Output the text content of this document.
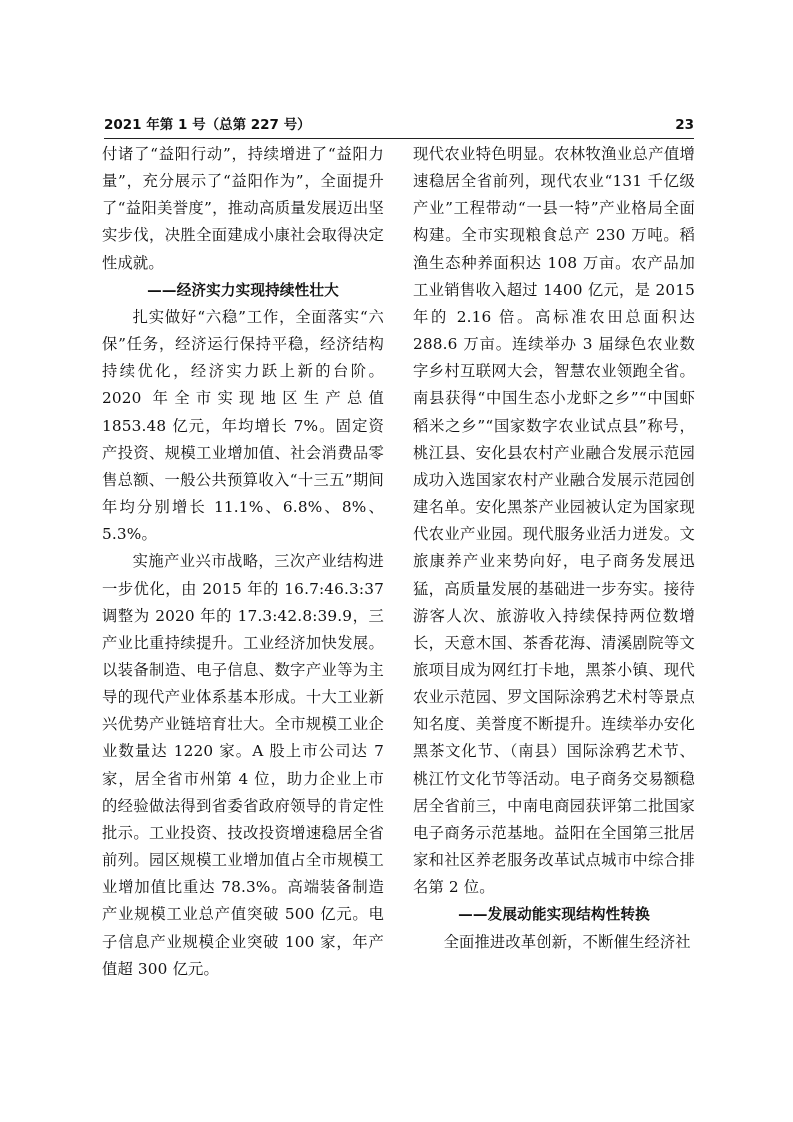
2021 年第 1 号（总第 227 号）	23

付诸了“益阳行动”，持续增进了“益阳力量”，充分展示了“益阳作为”，全面提升了“益阳美誉度”，推动高质量发展迈出坚实步伐，决胜全面建成小康社会取得决定性成就。

——经济实力实现持续性壮大

扎实做好“六稳”工作，全面落实“六保”任务，经济运行保持平稳，经济结构持续优化，经济实力跃上新的台阶。2020 年全市实现地区生产总值 1853.48 亿元，年均增长 7%。固定资产投资、规模工业增加值、社会消费品零售总额、一般公共预算收入“十三五”期间年均分别增长 11.1%、6.8%、8%、5.3%。

实施产业兴市战略，三次产业结构进一步优化，由 2015 年的 16.7:46.3:37 调整为 2020 年的 17.3:42.8:39.9，三产业比重持续提升。工业经济加快发展。以装备制造、电子信息、数字产业等为主导的现代产业体系基本形成。十大工业新兴优势产业链培育壮大。全市规模工业企业数量达 1220 家。A 股上市公司达 7 家，居全省市州第 4 位，助力企业上市的经验做法得到省委省政府领导的肯定性批示。工业投资、技改投资增速稳居全省前列。园区规模工业增加值占全市规模工业增加值比重达 78.3%。高端装备制造产业规模工业总产值突破 500 亿元。电子信息产业规模企业突破 100 家，年产值超 300 亿元。

现代农业特色明显。农林牧渔业总产值增速稳居全省前列，现代农业“131 千亿级产业”工程带动“一县一特”产业格局全面构建。全市实现粮食总产 230 万吨。稻渔生态种养面积达 108 万亩。农产品加工业销售收入超过 1400 亿元，是 2015 年的 2.16 倍。高标准农田总面积达 288.6 万亩。连续举办 3 届绿色农业数字乡村互联网大会，智慧农业领跑全省。南县获得“中国生态小龙虾之乡”“中国虾稻米之乡”“国家数字农业试点县”称号，桃江县、安化县农村产业融合发展示范园成功入选国家农村产业融合发展示范园创建名单。安化黑茶产业园被认定为国家现代农业产业园。现代服务业活力迸发。文旅康养产业来势向好，电子商务发展迅猛，高质量发展的基础进一步夯实。接待游客人次、旅游收入持续保持两位数增长，天意木国、茶香花海、清溪剧院等文旅项目成为网红打卡地，黑茶小镇、现代农业示范园、罗文国际涂鸦艺术村等景点知名度、美誉度不断提升。连续举办安化黑茶文化节、（南县）国际涂鸦艺术节、桃江竹文化节等活动。电子商务交易额稳居全省前三，中南电商园获评第二批国家电子商务示范基地。益阳在全国第三批居家和社区养老服务改革试点城市中综合排名第 2 位。

——发展动能实现结构性转换

全面推进改革创新，不断催生经济社
